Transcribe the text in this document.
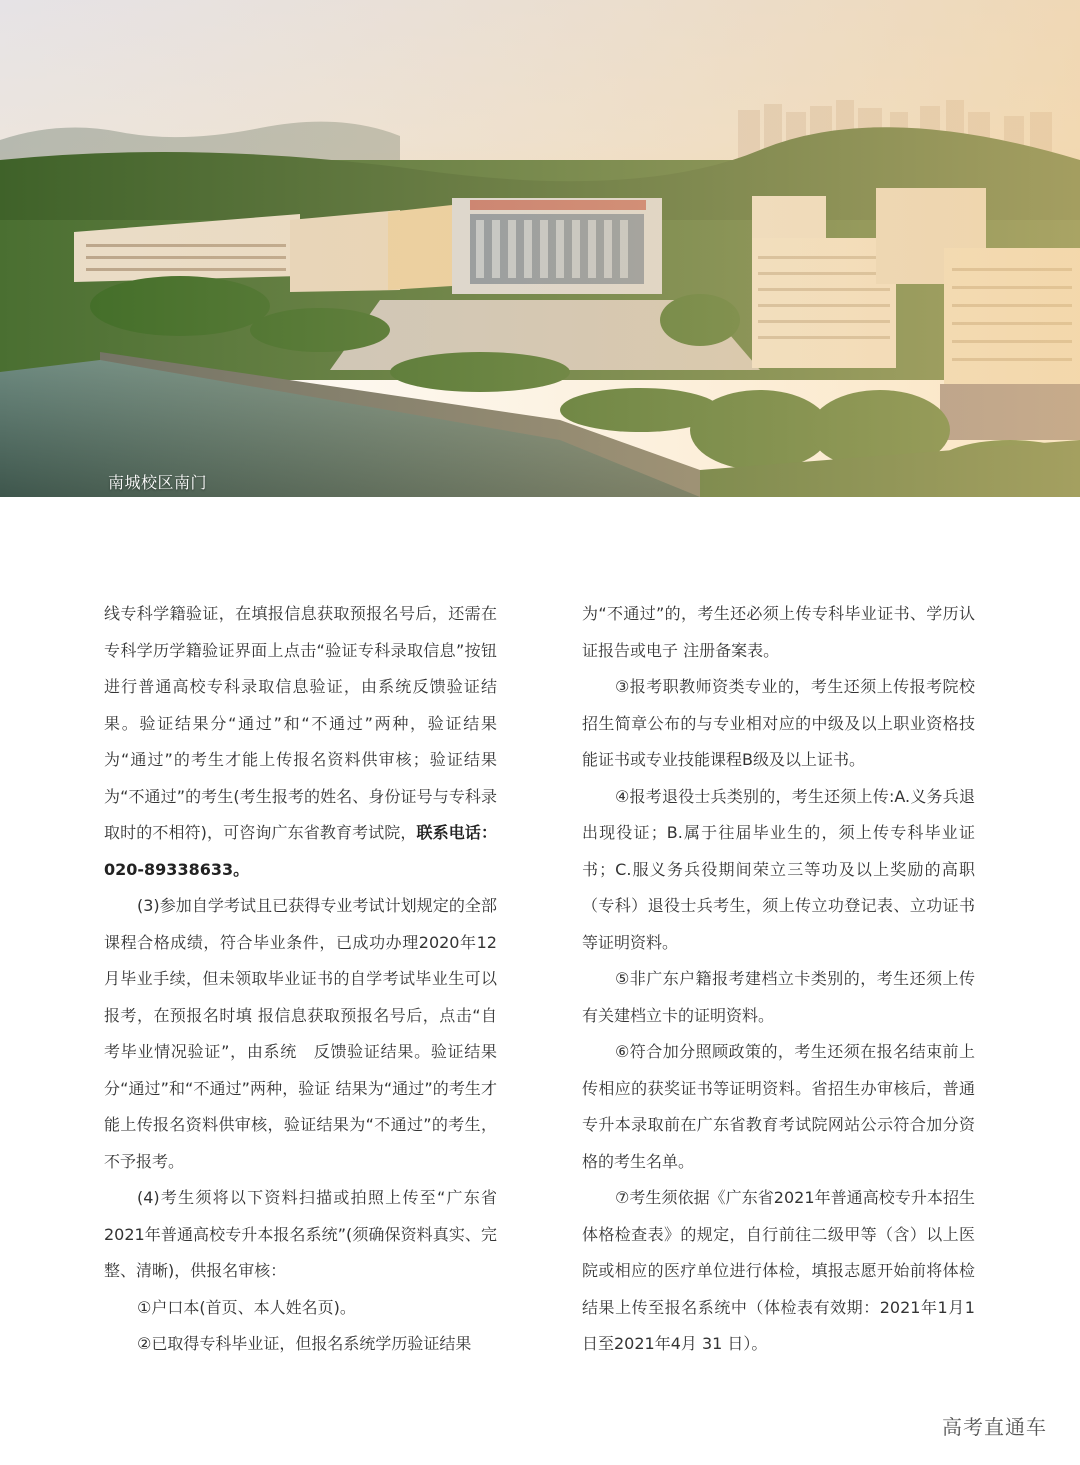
南城校区南门

线专科学籍验证，在填报信息获取预报名号后，还需在专科学历学籍验证界面上点击“验证专科录取信息”按钮进行普通高校专科录取信息验证，由系统反馈验证结果。验证结果分“通过”和“不通过”两种，验证结果为“通过”的考生才能上传报名资料供审核；验证结果为“不通过”的考生(考生报考的姓名、身份证号与专科录取时的不相符)，可咨询广东省教育考试院，联系电话：020-89338633。

(3)参加自学考试且已获得专业考试计划规定的全部课程合格成绩，符合毕业条件，已成功办理2020年12月毕业手续，但未领取毕业证书的自学考试毕业生可以报考，在预报名时填 报信息获取预报名号后，点击“自考毕业情况验证”，由系统　反馈验证结果。验证结果分“通过”和“不通过”两种，验证 结果为“通过”的考生才能上传报名资料供审核，验证结果为“不通过”的考生，不予报考。

(4)考生须将以下资料扫描或拍照上传至“广东省2021年普通高校专升本报名系统”(须确保资料真实、完整、清晰)，供报名审核：

①户口本(首页、本人姓名页)。

②已取得专科毕业证，但报名系统学历验证结果

为“不通过”的，考生还必须上传专科毕业证书、学历认证报告或电子 注册备案表。

③报考职教师资类专业的，考生还须上传报考院校招生简章公布的与专业相对应的中级及以上职业资格技能证书或专业技能课程B级及以上证书。

④报考退役士兵类别的，考生还须上传:A.义务兵退出现役证；B.属于往届毕业生的，须上传专科毕业证书；C.服义务兵役期间荣立三等功及以上奖励的高职（专科）退役士兵考生，须上传立功登记表、立功证书等证明资料。

⑤非广东户籍报考建档立卡类别的，考生还须上传有关建档立卡的证明资料。

⑥符合加分照顾政策的，考生还须在报名结束前上传相应的获奖证书等证明资料。省招生办审核后，普通专升本录取前在广东省教育考试院网站公示符合加分资格的考生名单。

⑦考生须依据《广东省2021年普通高校专升本招生体格检查表》的规定，自行前往二级甲等（含）以上医院或相应的医疗单位进行体检，填报志愿开始前将体检结果上传至报名系统中（体检表有效期：2021年1月1日至2021年4月 31 日）。

高考直通车
